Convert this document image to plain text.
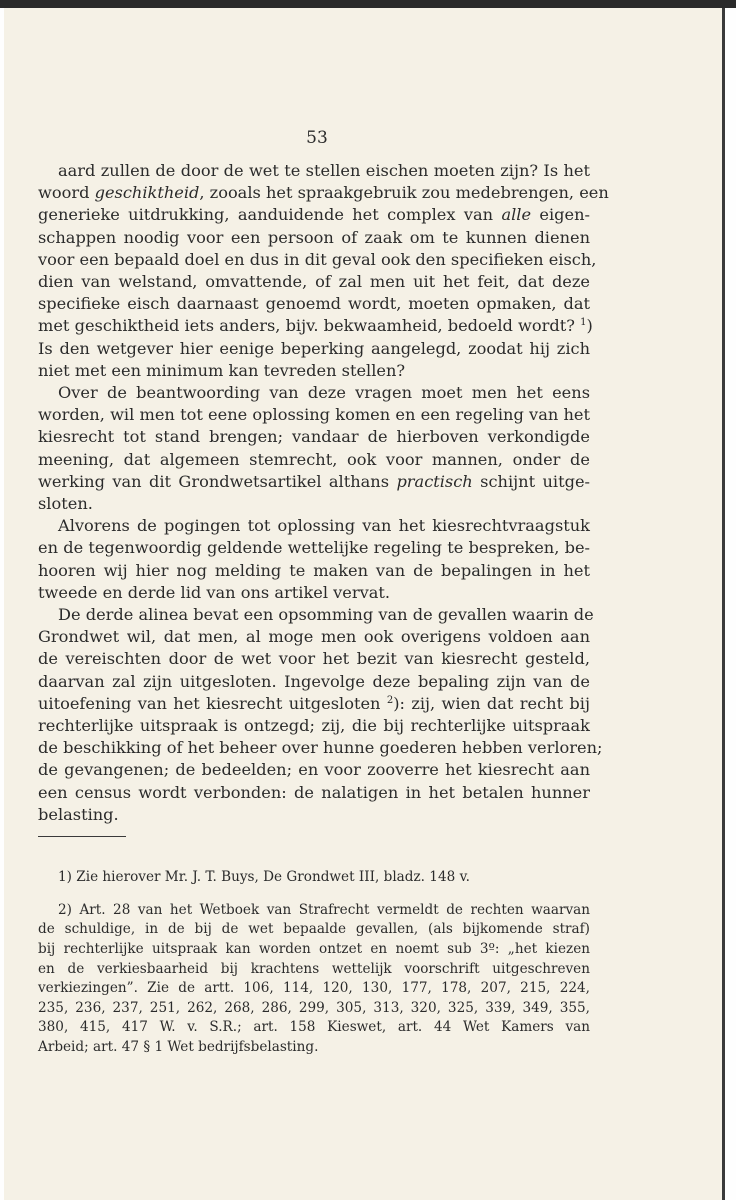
53

aard zullen de door de wet te stellen eischen moeten zijn? Is het
woord geschiktheid, zooals het spraakgebruik zou medebrengen, een
generieke uitdrukking, aanduidende het complex van alle eigen-
schappen noodig voor een persoon of zaak om te kunnen dienen
voor een bepaald doel en dus in dit geval ook den specifieken eisch,
dien van welstand, omvattende, of zal men uit het feit, dat deze
specifieke eisch daarnaast genoemd wordt, moeten opmaken, dat
met geschiktheid iets anders, bijv. bekwaamheid, bedoeld wordt? $^1$)
Is den wetgever hier eenige beperking aangelegd, zoodat hij zich
niet met een minimum kan tevreden stellen?

Over de beantwoording van deze vragen moet men het eens
worden, wil men tot eene oplossing komen en een regeling van het
kiesrecht tot stand brengen; vandaar de hierboven verkondigde
meening, dat algemeen stemrecht, ook voor mannen, onder de
werking van dit Grondwetsartikel althans practisch schijnt uitge-
sloten.

Alvorens de pogingen tot oplossing van het kiesrechtvraagstuk
en de tegenwoordig geldende wettelijke regeling te bespreken, be-
hooren wij hier nog melding te maken van de bepalingen in het
tweede en derde lid van ons artikel vervat.

De derde alinea bevat een opsomming van de gevallen waarin de
Grondwet wil, dat men, al moge men ook overigens voldoen aan
de vereischten door de wet voor het bezit van kiesrecht gesteld,
daarvan zal zijn uitgesloten. Ingevolge deze bepaling zijn van de
uitoefening van het kiesrecht uitgesloten $^2$): zij, wien dat recht bij
rechterlijke uitspraak is ontzegd; zij, die bij rechterlijke uitspraak
de beschikking of het beheer over hunne goederen hebben verloren;
de gevangenen; de bedeelden; en voor zooverre het kiesrecht aan
een census wordt verbonden: de nalatigen in het betalen hunner
belasting.

1) Zie hierover Mr. J. T. Buys, De Grondwet III, bladz. 148 v.

2) Art. 28 van het Wetboek van Strafrecht vermeldt de rechten waarvan
de schuldige, in de bij de wet bepaalde gevallen, (als bijkomende straf)
bij rechterlijke uitspraak kan worden ontzet en noemt sub 3º: „het kiezen
en de verkiesbaarheid bij krachtens wettelijk voorschrift uitgeschreven
verkiezingen”. Zie de artt. 106, 114, 120, 130, 177, 178, 207, 215, 224,
235, 236, 237, 251, 262, 268, 286, 299, 305, 313, 320, 325, 339, 349, 355,
380, 415, 417 W. v. S.R.; art. 158 Kieswet, art. 44 Wet Kamers van
Arbeid; art. 47 § 1 Wet bedrijfsbelasting.
